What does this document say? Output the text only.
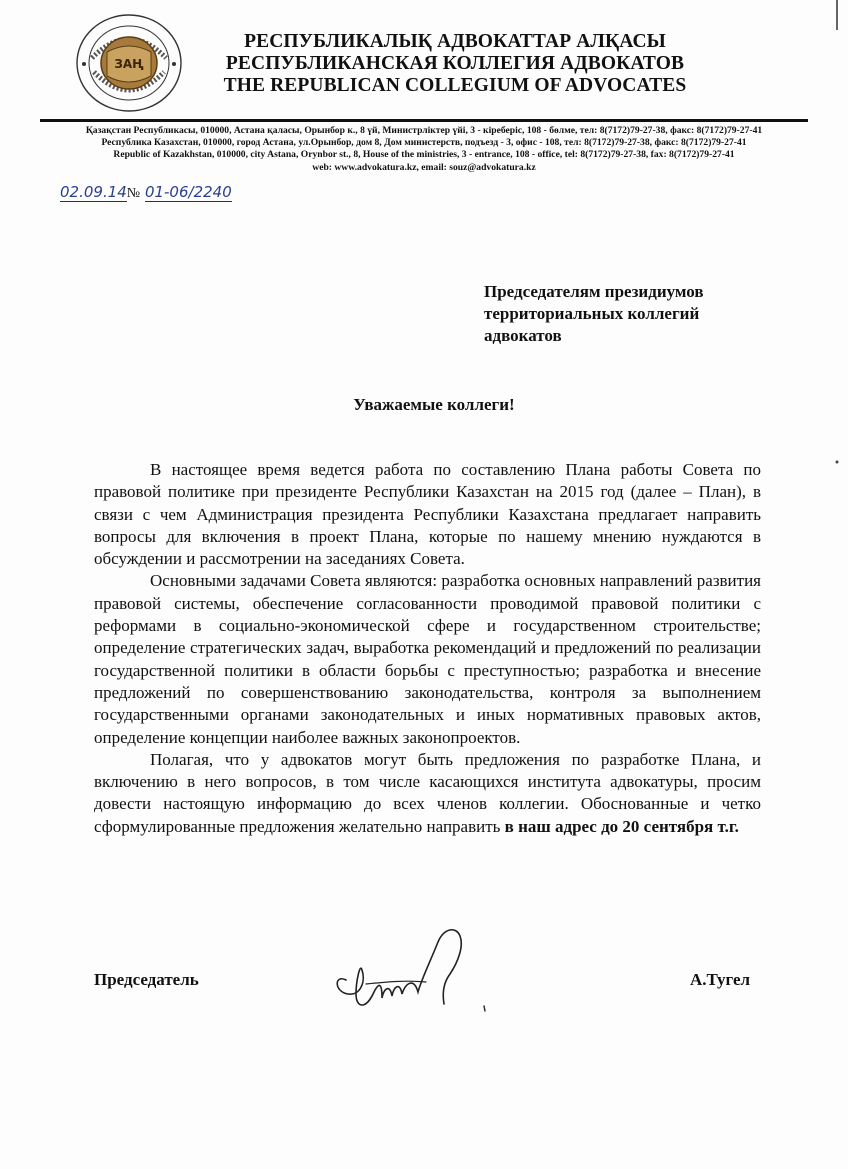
ЗАҢ
РЕСПУБЛИКАЛЫҚ АДВОКАТТАР АЛҚАСЫ
РЕСПУБЛИКАНСКАЯ КОЛЛЕГИЯ АДВОКАТОВ
THE REPUBLICAN COLLEGIUM OF ADVOCATES
Қазақстан Республикасы, 010000, Астана қаласы, Орынбор к., 8 үй, Министрліктер үйі, 3 - кіреберіс, 108 - бөлме, тел: 8(7172)79-27-38, факс: 8(7172)79-27-41
Республика Казахстан, 010000, город Астана, ул.Орынбор, дом 8, Дом министерств, подъезд - 3, офис - 108, тел: 8(7172)79-27-38, факс: 8(7172)79-27-41
Republic of Kazakhstan, 010000, city Astana, Orynbor st., 8, House of the ministries, 3 - entrance, 108 - office, tel: 8(7172)79-27-38, fax: 8(7172)79-27-41
web: www.advokatura.kz, email: souz@advokatura.kz
02.09.14№ 01-06/2240
Председателям президиумов
территориальных коллегий
адвокатов
Уважаемые коллеги!

В настоящее время ведется работа по составлению Плана работы Совета по правовой политике при президенте Республики Казахстан на 2015 год (далее – План), в связи с чем Администрация президента Республики Казахстана предлагает направить вопросы для включения в проект Плана, которые по нашему мнению нуждаются в обсуждении и рассмотрении на заседаниях Совета.

Основными задачами Совета являются: разработка основных направлений развития правовой системы, обеспечение согласованности проводимой правовой политики с реформами в социально-экономической сфере и государственном строительстве; определение стратегических задач, выработка рекомендаций и предложений по реализации государственной политики в области борьбы с преступностью; разработка и внесение предложений по совершенствованию законодательства, контроля за выполнением государственными органами законодательных и иных нормативных правовых актов, определение концепции наиболее важных законопроектов.

Полагая, что у адвокатов могут быть предложения по разработке Плана, и включению в него вопросов, в том числе касающихся института адвокатуры, просим довести настоящую информацию до всех членов коллегии. Обоснованные и четко сформулированные предложения желательно направить в наш адрес до 20 сентября т.г.

Председатель	А.Тугел
